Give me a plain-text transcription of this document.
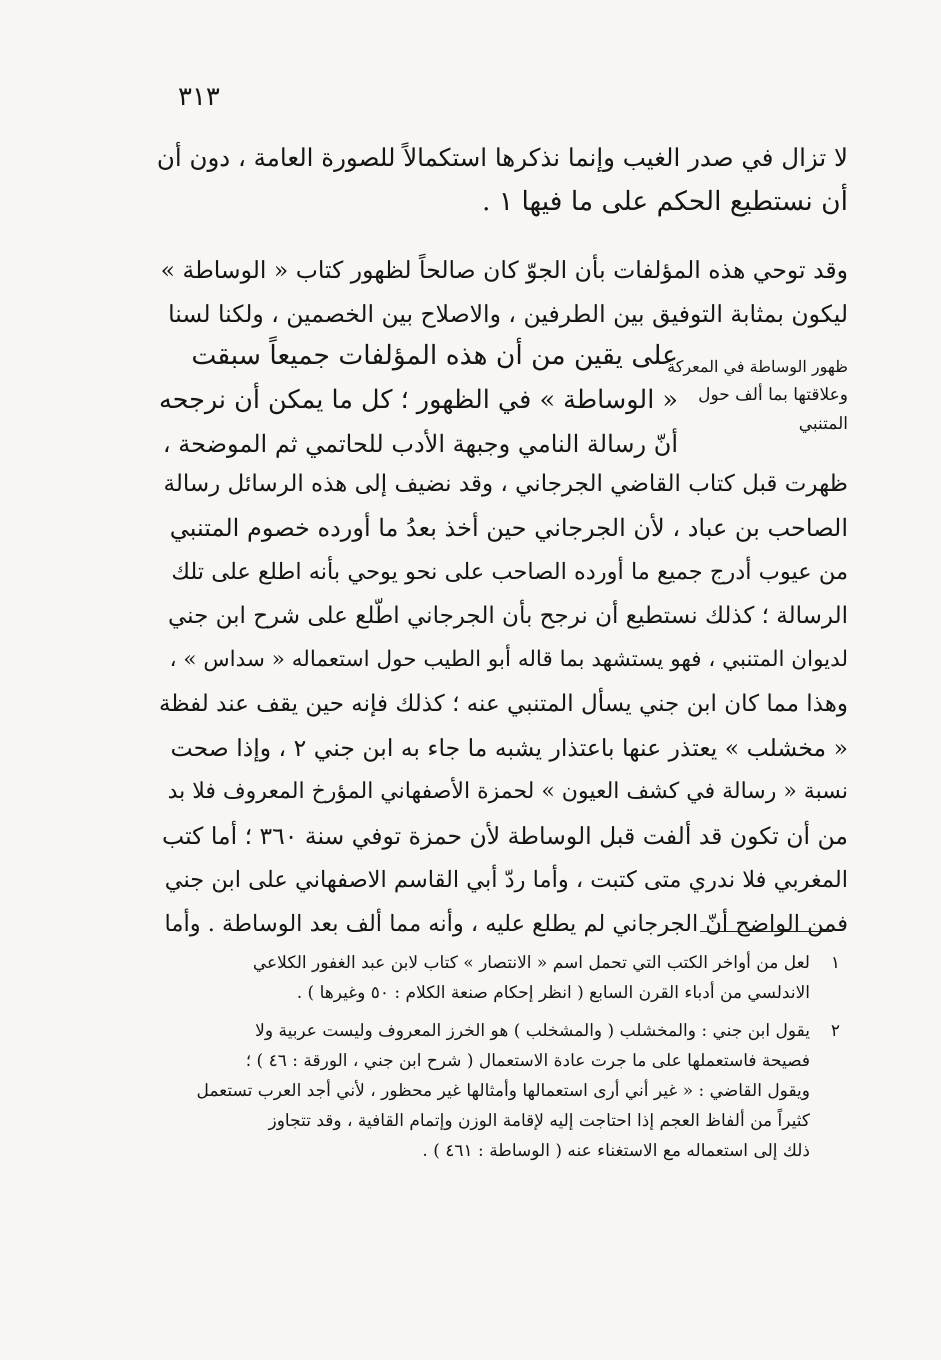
٣١٣
لا تزال في صدر الغيب وإنما نذكرها استكمالاً للصورة العامة ، دون أن
أن نستطيع الحكم على ما فيها ١ .
وقد توحي هذه المؤلفات بأن الجوّ كان صالحاً لظهور كتاب « الوساطة »
ليكون بمثابة التوفيق بين الطرفين ، والاصلاح بين الخصمين ، ولكنا لسنا
ظهور الوساطة في المعركة
وعلاقتها بما ألف حول
المتنبي
على يقين من أن هذه المؤلفات جميعاً سبقت
« الوساطة » في الظهور ؛ كل ما يمكن أن نرجحه
أنّ رسالة النامي وجبهة الأدب للحاتمي ثم الموضحة ،
ظهرت قبل كتاب القاضي الجرجاني ، وقد نضيف إلى هذه الرسائل رسالة
الصاحب بن عباد ، لأن الجرجاني حين أخذ بعدُ ما أورده خصوم المتنبي
من عيوب أدرج جميع ما أورده الصاحب على نحو يوحي بأنه اطلع على تلك
الرسالة ؛ كذلك نستطيع أن نرجح بأن الجرجاني اطّلع على شرح ابن جني
لديوان المتنبي ، فهو يستشهد بما قاله أبو الطيب حول استعماله « سداس » ،
وهذا مما كان ابن جني يسأل المتنبي عنه ؛ كذلك فإنه حين يقف عند لفظة
« مخشلب » يعتذر عنها باعتذار يشبه ما جاء به ابن جني ٢ ، وإذا صحت
نسبة « رسالة في كشف العيون » لحمزة الأصفهاني المؤرخ المعروف فلا بد
من أن تكون قد ألفت قبل الوساطة لأن حمزة توفي سنة ٣٦٠ ؛ أما كتب
المغربي فلا ندري متى كتبت ، وأما ردّ أبي القاسم الاصفهاني على ابن جني
فمن الواضح أنّ الجرجاني لم يطلع عليه ، وأنه مما ألف بعد الوساطة . وأما
١
لعل من أواخر الكتب التي تحمل اسم « الانتصار » كتاب لابن عبد الغفور الكلاعي
الاندلسي من أدباء القرن السابع ( انظر إحكام صنعة الكلام : ٥٠ وغيرها ) .
٢
يقول ابن جني : والمخشلب ( والمشخلب ) هو الخرز المعروف وليست عربية ولا
فصيحة فاستعملها على ما جرت عادة الاستعمال ( شرح ابن جني ، الورقة : ٤٦ ) ؛
ويقول القاضي : « غير أني أرى استعمالها وأمثالها غير محظور ، لأني أجد العرب تستعمل
كثيراً من ألفاظ العجم إذا احتاجت إليه لإقامة الوزن وإتمام القافية ، وقد تتجاوز
ذلك إلى استعماله مع الاستغناء عنه ( الوساطة : ٤٦١ ) .
